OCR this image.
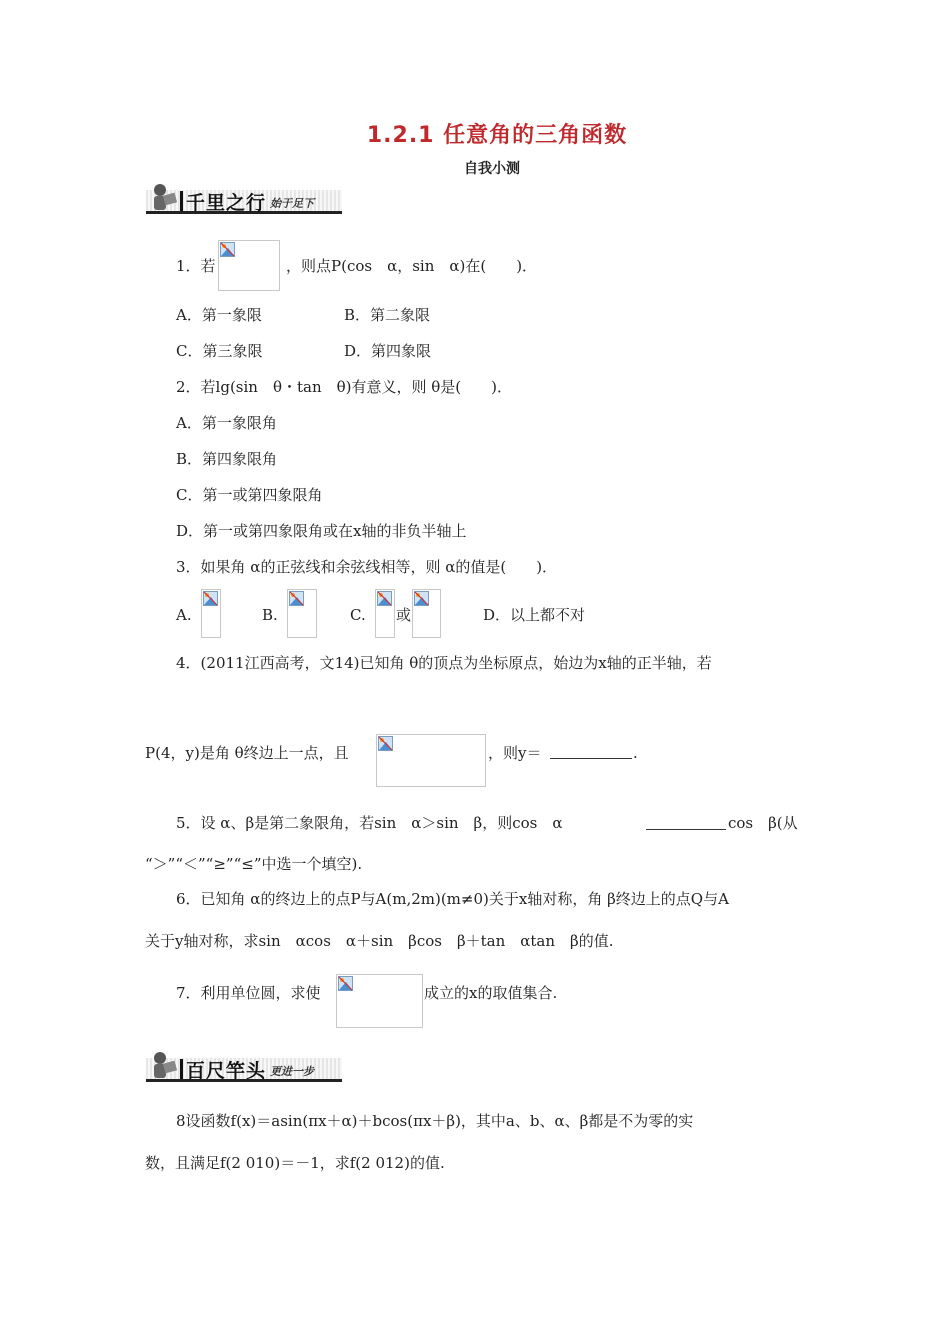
1.2.1 任意角的三角函数
自我小测
千里之行 始于足下
1．若	，则点P(cos　α，sin　α)在(　　)．
A．第一象限	B．第二象限
C．第三象限	D．第四象限
2．若lg(sin　θ・tan　θ)有意义，则 θ是(　　)．
A．第一象限角
B．第四象限角
C．第一或第四象限角
D．第一或第四象限角或在x轴的非负半轴上
3．如果角 α的正弦线和余弦线相等，则 α的值是(　　)．
A.	B.	C. 或	D．以上都不对
4．(2011江西高考，文14)已知角 θ的顶点为坐标原点，始边为x轴的正半轴，若
P(4，y)是角 θ终边上一点，且	，则y＝	.
5．设 α、β是第二象限角，若sin　α＞sin　β，则cos　α	cos　β(从
“＞”“＜”“≥”“≤”中选一个填空).
6．已知角 α的终边上的点P与A(m,2m)(m≠0)关于x轴对称，角 β终边上的点Q与A
关于y轴对称，求sin　αcos　α＋sin　βcos　β＋tan　αtan　β的值.
7．利用单位圆，求使	成立的x的取值集合.
百尺竿头 更进一步
8设函数f(x)＝asin(πx＋α)＋bcos(πx＋β)，其中a、b、α、β都是不为零的实
数，且满足f(2 010)＝－1，求f(2 012)的值.
